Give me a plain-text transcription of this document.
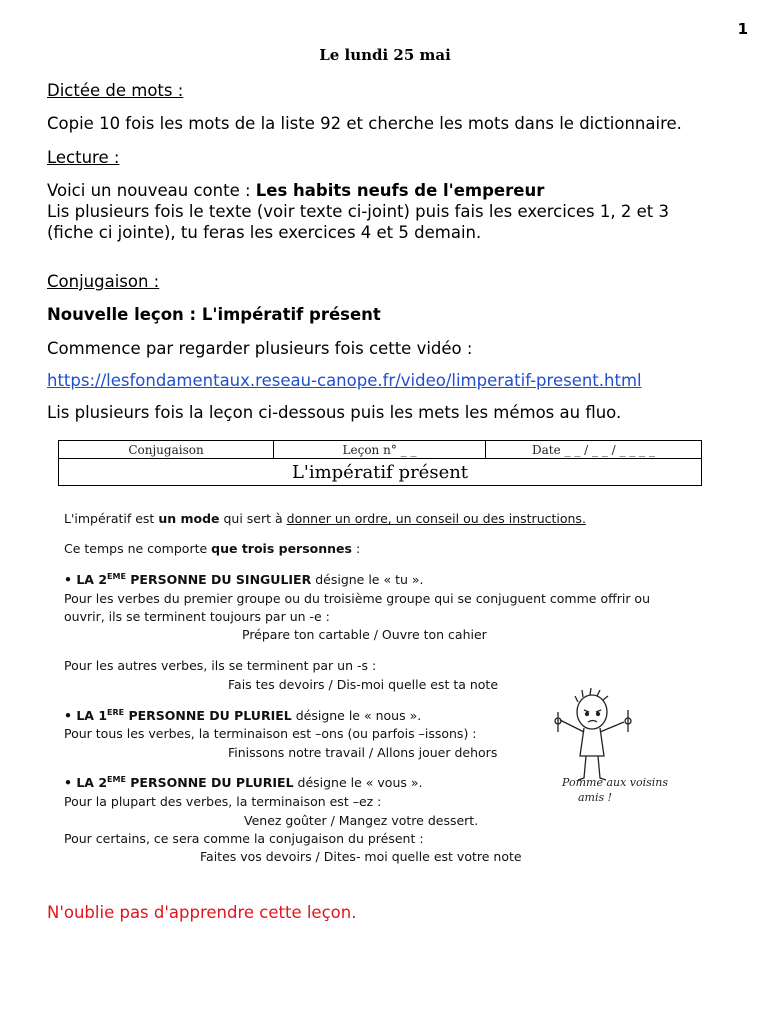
1
Le lundi 25 mai
Dictée de mots :
Copie 10 fois les mots de la liste 92 et cherche les mots dans le dictionnaire.
Lecture :
Voici un nouveau conte : Les habits neufs de l'empereur
Lis plusieurs fois le texte (voir texte ci-joint) puis fais les exercices 1, 2 et 3
(fiche ci jointe), tu feras les exercices 4 et 5 demain.
Conjugaison :
Nouvelle leçon : L'impératif présent
Commence par regarder plusieurs fois cette vidéo :
https://lesfondamentaux.reseau-canope.fr/video/limperatif-present.html
Lis plusieurs fois la leçon ci-dessous puis les mets les mémos au fluo.
Conjugaison	Leçon n° _ _	Date _ _ / _ _ / _ _ _ _
L'impératif présent
L'impératif est un mode qui sert à donner un ordre, un conseil ou des instructions.
Ce temps ne comporte que trois personnes :
• LA 2EME PERSONNE DU SINGULIER désigne le « tu ».
Pour les verbes du premier groupe ou du troisième groupe qui se conjuguent comme offrir ou
ouvrir, ils se terminent toujours par un -e :
Prépare ton cartable / Ouvre ton cahier
Pour les autres verbes, ils se terminent par un -s :
Fais tes devoirs / Dis-moi quelle est ta note
• LA 1ERE PERSONNE DU PLURIEL désigne le « nous ».
Pour tous les verbes, la terminaison est –ons (ou parfois –issons) :
Finissons notre travail / Allons jouer dehors
• LA 2EME PERSONNE DU PLURIEL désigne le « vous ».
Pour la plupart des verbes, la terminaison est –ez :
Venez goûter / Mangez votre dessert.
Pour certains, ce sera comme la conjugaison du présent :
Faites vos devoirs / Dites- moi quelle est votre note
Pomme aux voisins
amis !
N'oublie pas d'apprendre cette leçon.
